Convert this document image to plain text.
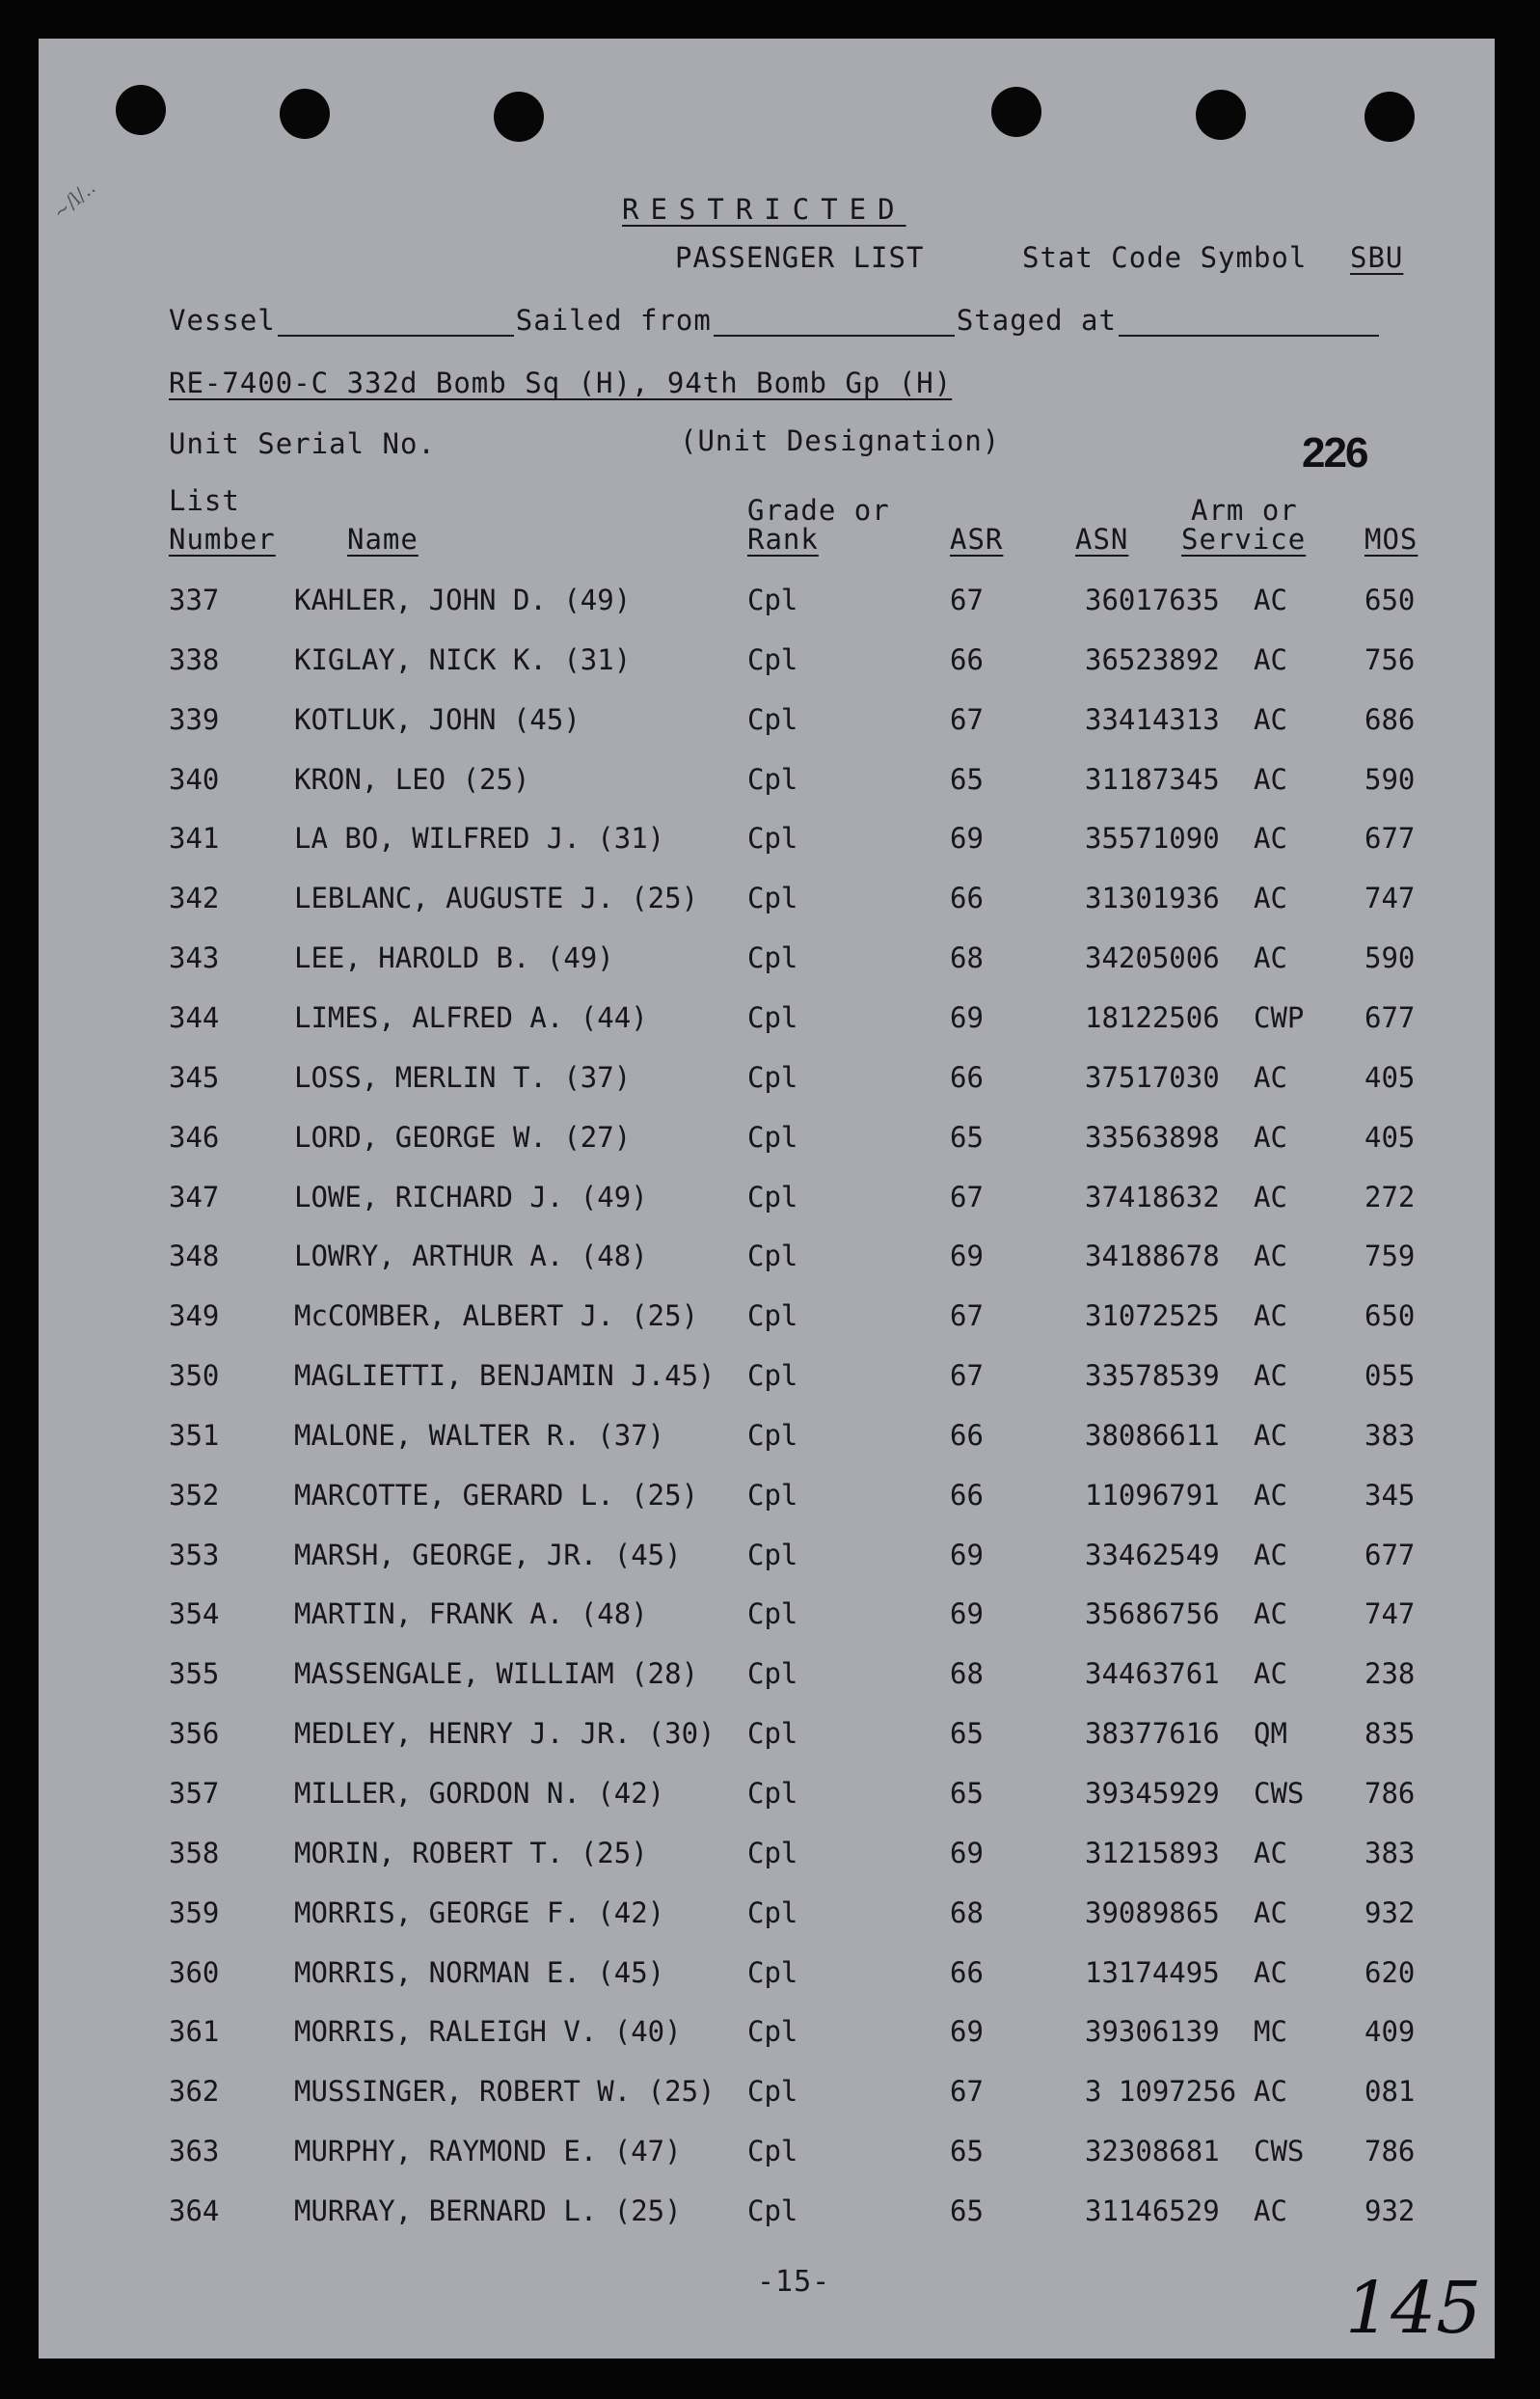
~/l/..	RESTRICTED
PASSENGER LIST	Stat Code Symbol SBU
Vessel	Sailed from	Staged at
RE-7400-C 332d Bomb Sq (H), 94th Bomb Gp (H)
Unit Serial No.	(Unit Designation)	226
List
Number	Name
Grade or
Rank	ASR	ASN
Arm or
Service MOS
337	KAHLER, JOHN D. (49)	Cpl	67	36017635 AC	650
338	KIGLAY, NICK K. (31)	Cpl	66	36523892 AC	756
339	KOTLUK, JOHN (45)	Cpl	67	33414313 AC	686
340	KRON, LEO (25)	Cpl	65	31187345 AC	590
341	LA BO, WILFRED J. (31)	Cpl	69	35571090 AC	677
342	LEBLANC, AUGUSTE J. (25) Cpl	66	31301936 AC	747
343	LEE, HAROLD B. (49)	Cpl	68	34205006 AC	590
344	LIMES, ALFRED A. (44)	Cpl	69	18122506 CWP 677
345	LOSS, MERLIN T. (37)	Cpl	66	37517030 AC	405
346	LORD, GEORGE W. (27)	Cpl	65	33563898 AC	405
347	LOWE, RICHARD J. (49)	Cpl	67	37418632 AC	272
348	LOWRY, ARTHUR A. (48)	Cpl	69	34188678 AC	759
349	McCOMBER, ALBERT J. (25) Cpl	67	31072525 AC	650
350	MAGLIETTI, BENJAMIN J.45) Cpl	67	33578539 AC	055
351	MALONE, WALTER R. (37)	Cpl	66	38086611 AC	383
352	MARCOTTE, GERARD L. (25) Cpl	66	11096791 AC	345
353	MARSH, GEORGE, JR. (45) Cpl	69	33462549 AC	677
354	MARTIN, FRANK A. (48)	Cpl	69	35686756 AC	747
355	MASSENGALE, WILLIAM (28) Cpl	68	34463761 AC	238
356	MEDLEY, HENRY J. JR. (30) Cpl	65	38377616 QM	835
357	MILLER, GORDON N. (42)	Cpl	65	39345929 CWS 786
358	MORIN, ROBERT T. (25)	Cpl	69	31215893 AC	383
359	MORRIS, GEORGE F. (42)	Cpl	68	39089865 AC	932
360	MORRIS, NORMAN E. (45)	Cpl	66	13174495 AC	620
361	MORRIS, RALEIGH V. (40) Cpl	69	39306139 MC	409
362	MUSSINGER, ROBERT W. (25) Cpl	67	3 1097256 AC	081
363	MURPHY, RAYMOND E. (47) Cpl	65	32308681 CWS 786
364	MURRAY, BERNARD L. (25) Cpl	65	31146529 AC	932
-15-	145
